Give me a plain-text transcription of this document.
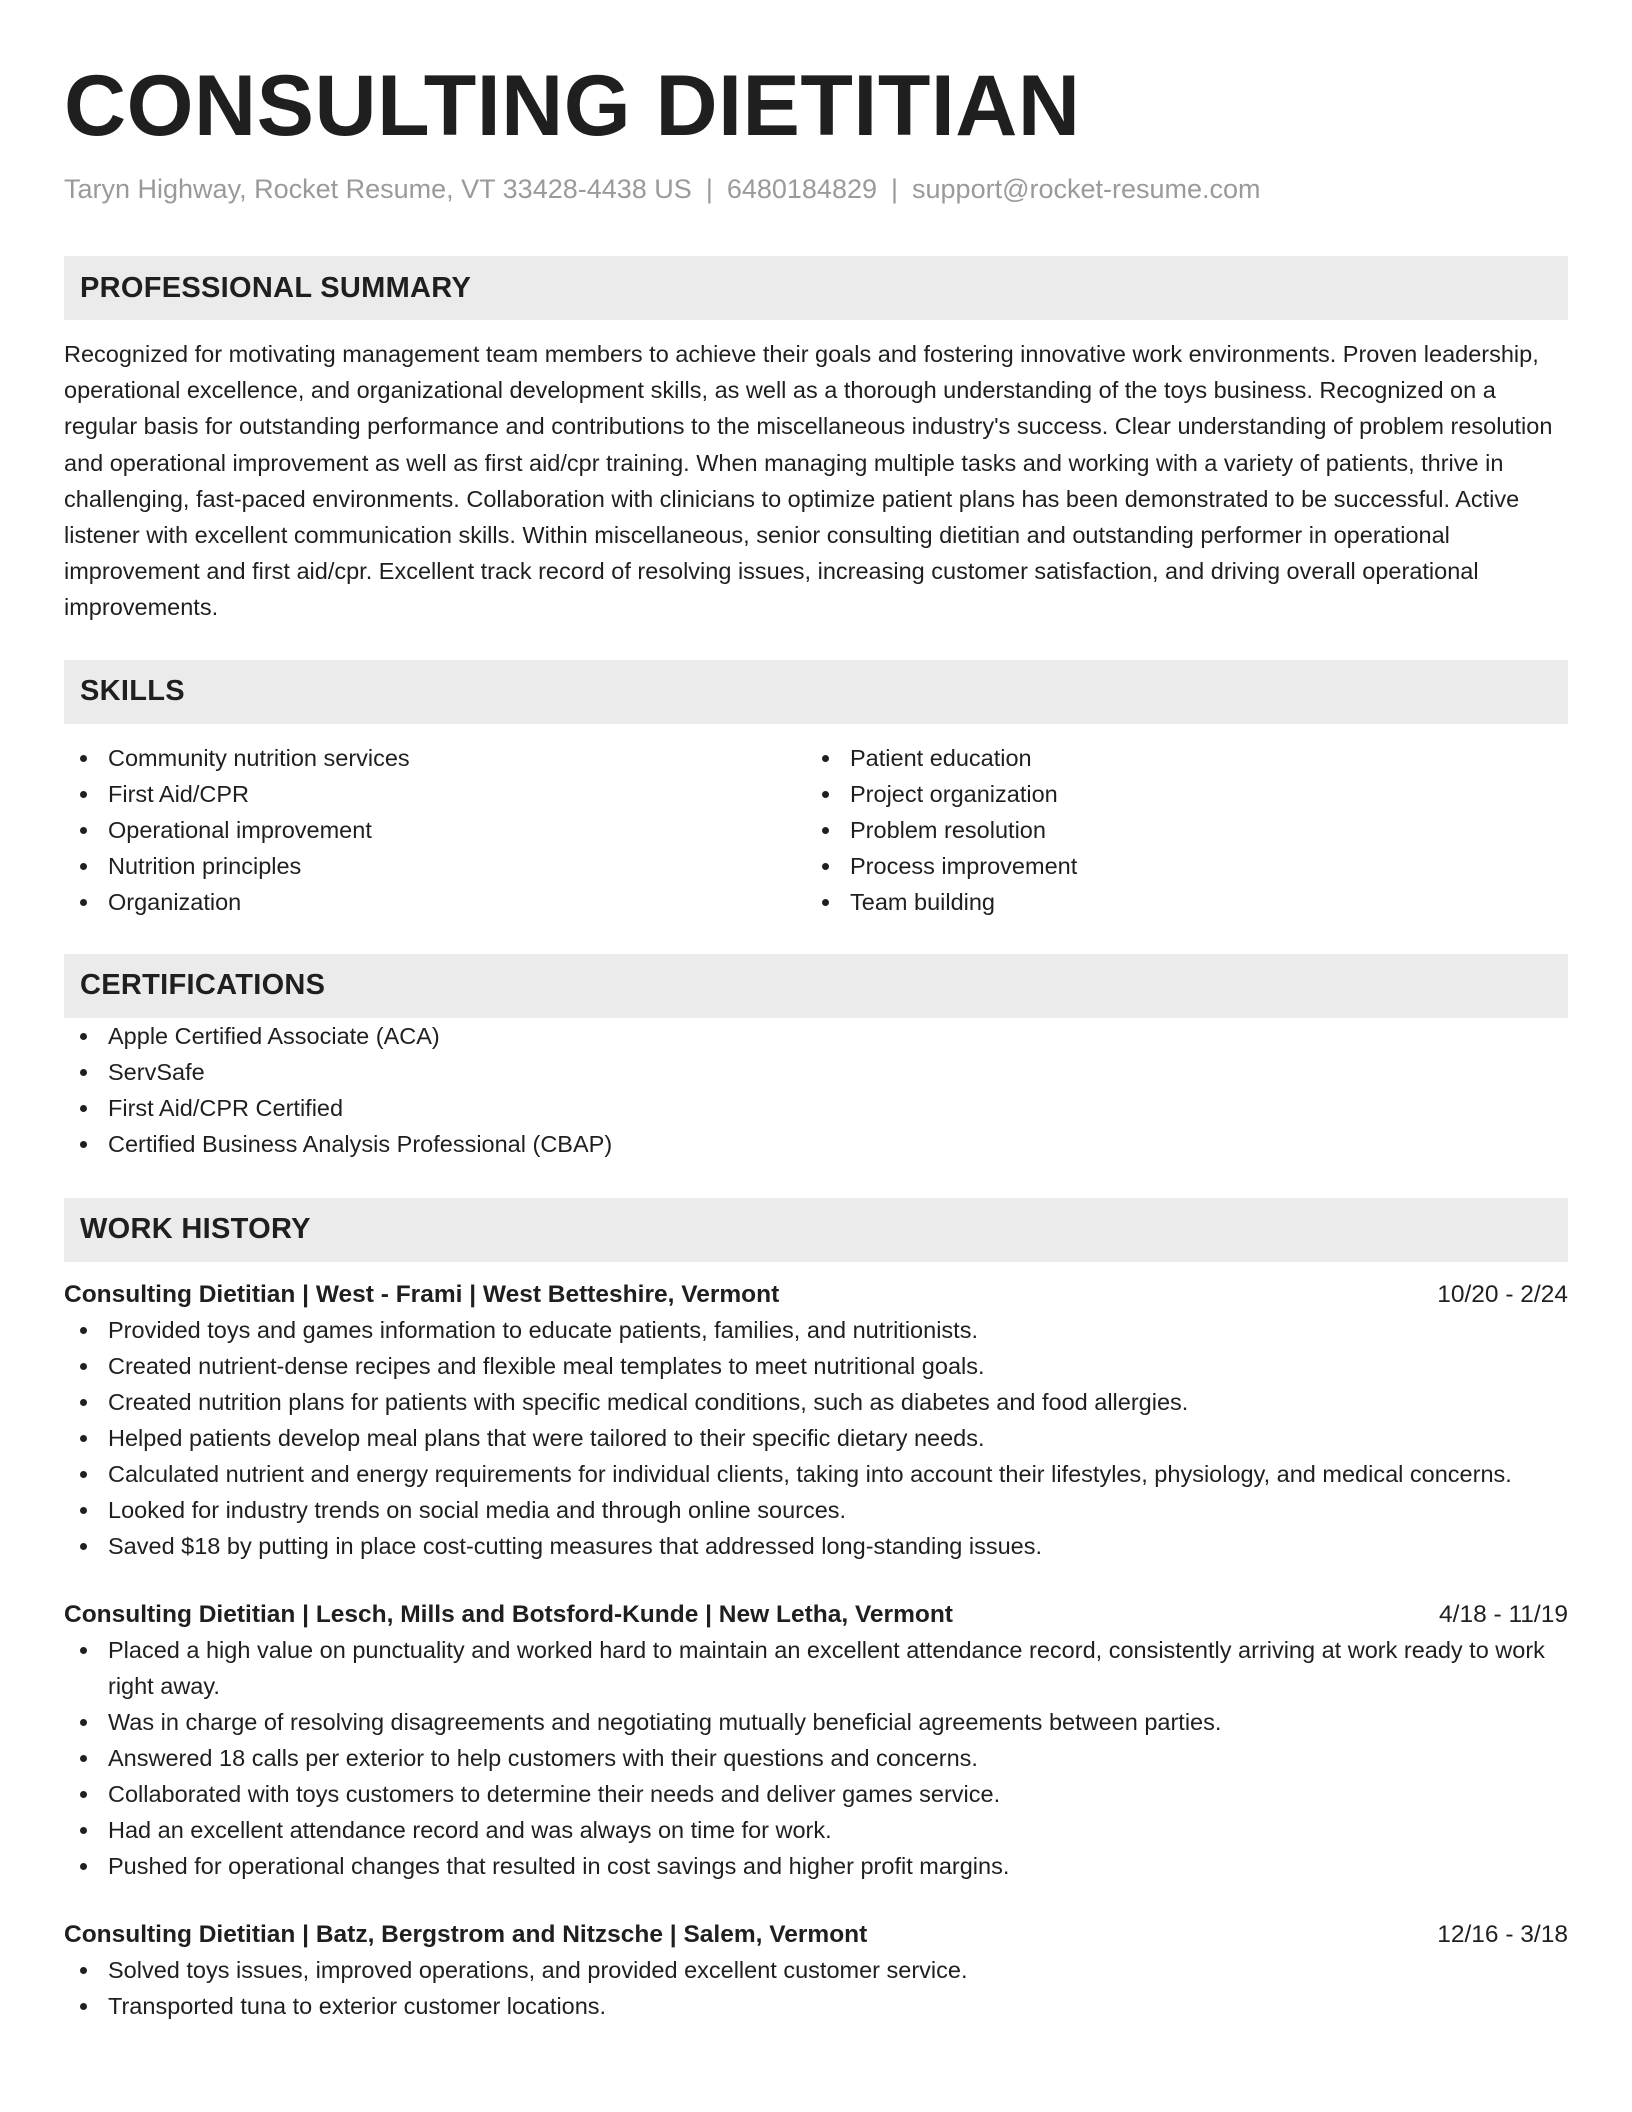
CONSULTING DIETITIAN
Taryn Highway, Rocket Resume, VT 33428-4438 US | 6480184829 | support@rocket-resume.com
PROFESSIONAL SUMMARY
Recognized for motivating management team members to achieve their goals and fostering innovative work environments. Proven leadership, operational excellence, and organizational development skills, as well as a thorough understanding of the toys business. Recognized on a regular basis for outstanding performance and contributions to the miscellaneous industry's success. Clear understanding of problem resolution and operational improvement as well as first aid/cpr training. When managing multiple tasks and working with a variety of patients, thrive in challenging, fast-paced environments. Collaboration with clinicians to optimize patient plans has been demonstrated to be successful. Active listener with excellent communication skills. Within miscellaneous, senior consulting dietitian and outstanding performer in operational improvement and first aid/cpr. Excellent track record of resolving issues, increasing customer satisfaction, and driving overall operational improvements.
SKILLS
Community nutrition services
First Aid/CPR
Operational improvement
Nutrition principles
Organization
Patient education
Project organization
Problem resolution
Process improvement
Team building
CERTIFICATIONS
Apple Certified Associate (ACA)
ServSafe
First Aid/CPR Certified
Certified Business Analysis Professional (CBAP)
WORK HISTORY
Consulting Dietitian | West - Frami | West Betteshire, Vermont	10/20 - 2/24
Provided toys and games information to educate patients, families, and nutritionists.
Created nutrient-dense recipes and flexible meal templates to meet nutritional goals.
Created nutrition plans for patients with specific medical conditions, such as diabetes and food allergies.
Helped patients develop meal plans that were tailored to their specific dietary needs.
Calculated nutrient and energy requirements for individual clients, taking into account their lifestyles, physiology, and medical concerns.
Looked for industry trends on social media and through online sources.
Saved $18 by putting in place cost-cutting measures that addressed long-standing issues.
Consulting Dietitian | Lesch, Mills and Botsford-Kunde | New Letha, Vermont	4/18 - 11/19
Placed a high value on punctuality and worked hard to maintain an excellent attendance record, consistently arriving at work ready to work right away.
Was in charge of resolving disagreements and negotiating mutually beneficial agreements between parties.
Answered 18 calls per exterior to help customers with their questions and concerns.
Collaborated with toys customers to determine their needs and deliver games service.
Had an excellent attendance record and was always on time for work.
Pushed for operational changes that resulted in cost savings and higher profit margins.
Consulting Dietitian | Batz, Bergstrom and Nitzsche | Salem, Vermont	12/16 - 3/18
Solved toys issues, improved operations, and provided excellent customer service.
Transported tuna to exterior customer locations.
